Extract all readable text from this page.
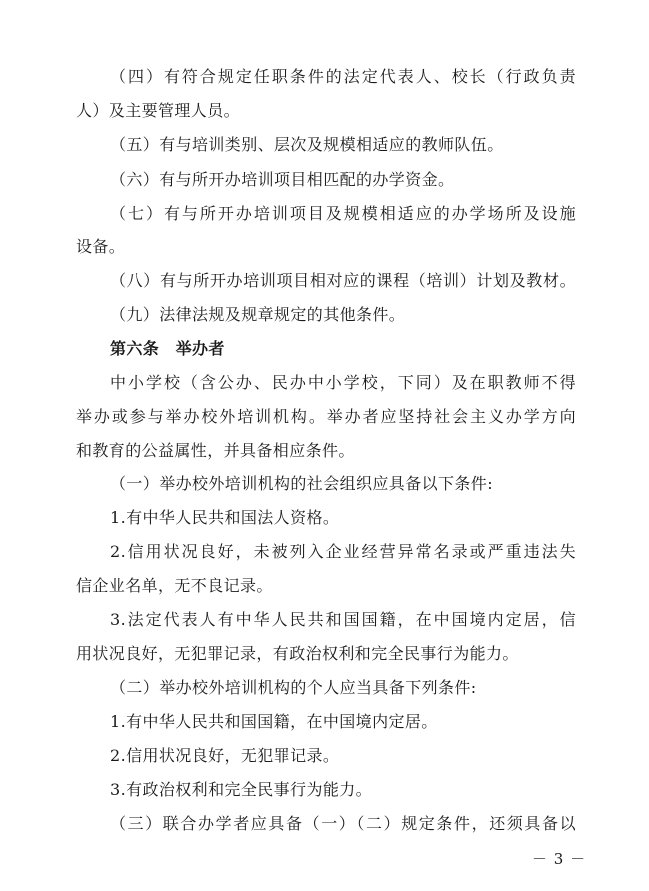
（四）有符合规定任职条件的法定代表人、校长（行政负责
人）及主要管理人员。
（五）有与培训类别、层次及规模相适应的教师队伍。
（六）有与所开办培训项目相匹配的办学资金。
（七）有与所开办培训项目及规模相适应的办学场所及设施
设备。
（八）有与所开办培训项目相对应的课程（培训）计划及教材。
（九）法律法规及规章规定的其他条件。
第六条　举办者
中小学校（含公办、民办中小学校，下同）及在职教师不得
举办或参与举办校外培训机构。举办者应坚持社会主义办学方向
和教育的公益属性，并具备相应条件。
（一）举办校外培训机构的社会组织应具备以下条件:
1.有中华人民共和国法人资格。
2.信用状况良好，未被列入企业经营异常名录或严重违法失
信企业名单，无不良记录。
3.法定代表人有中华人民共和国国籍，在中国境内定居，信
用状况良好，无犯罪记录，有政治权利和完全民事行为能力。
（二）举办校外培训机构的个人应当具备下列条件:
1.有中华人民共和国国籍，在中国境内定居。
2.信用状况良好，无犯罪记录。
3.有政治权利和完全民事行为能力。
（三）联合办学者应具备（一）（二）规定条件，还须具备以
－ 3 －
